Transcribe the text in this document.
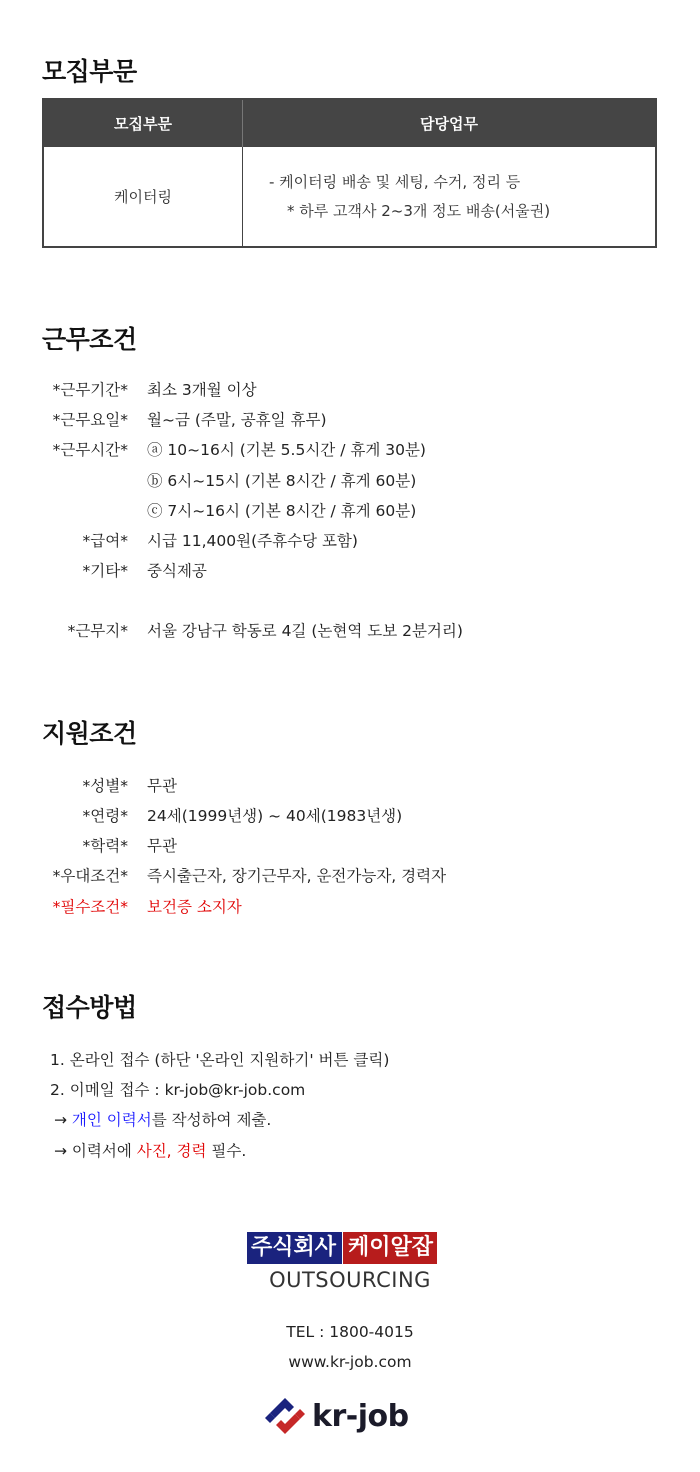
모집부문
모집부문	담당업무
케이터링	- 케이터링 배송 및 세팅, 수거, 정리 등
* 하루 고객사 2~3개 정도 배송(서울권)
근무조건
*근무기간* 최소 3개월 이상
*근무요일* 월~금 (주말, 공휴일 휴무)
*근무시간* ⓐ 10~16시 (기본 5.5시간 / 휴게 30분)
ⓑ 6시~15시 (기본 8시간 / 휴게 60분)
ⓒ 7시~16시 (기본 8시간 / 휴게 60분)
*급여* 시급 11,400원(주휴수당 포함)
*기타* 중식제공
*근무지* 서울 강남구 학동로 4길 (논현역 도보 2분거리)
지원조건
*성별* 무관
*연령* 24세(1999년생) ~ 40세(1983년생)
*학력* 무관
*우대조건* 즉시출근자, 장기근무자, 운전가능자, 경력자
*필수조건* 보건증 소지자
접수방법
1. 온라인 접수 (하단 '온라인 지원하기' 버튼 클릭)
2. 이메일 접수 : kr-job@kr-job.com
→ 개인 이력서를 작성하여 제출.
→ 이력서에 사진, 경력 필수.
주식회사 케이알잡
OUTSOURCING
TEL : 1800-4015
www.kr-job.com
kr-job
